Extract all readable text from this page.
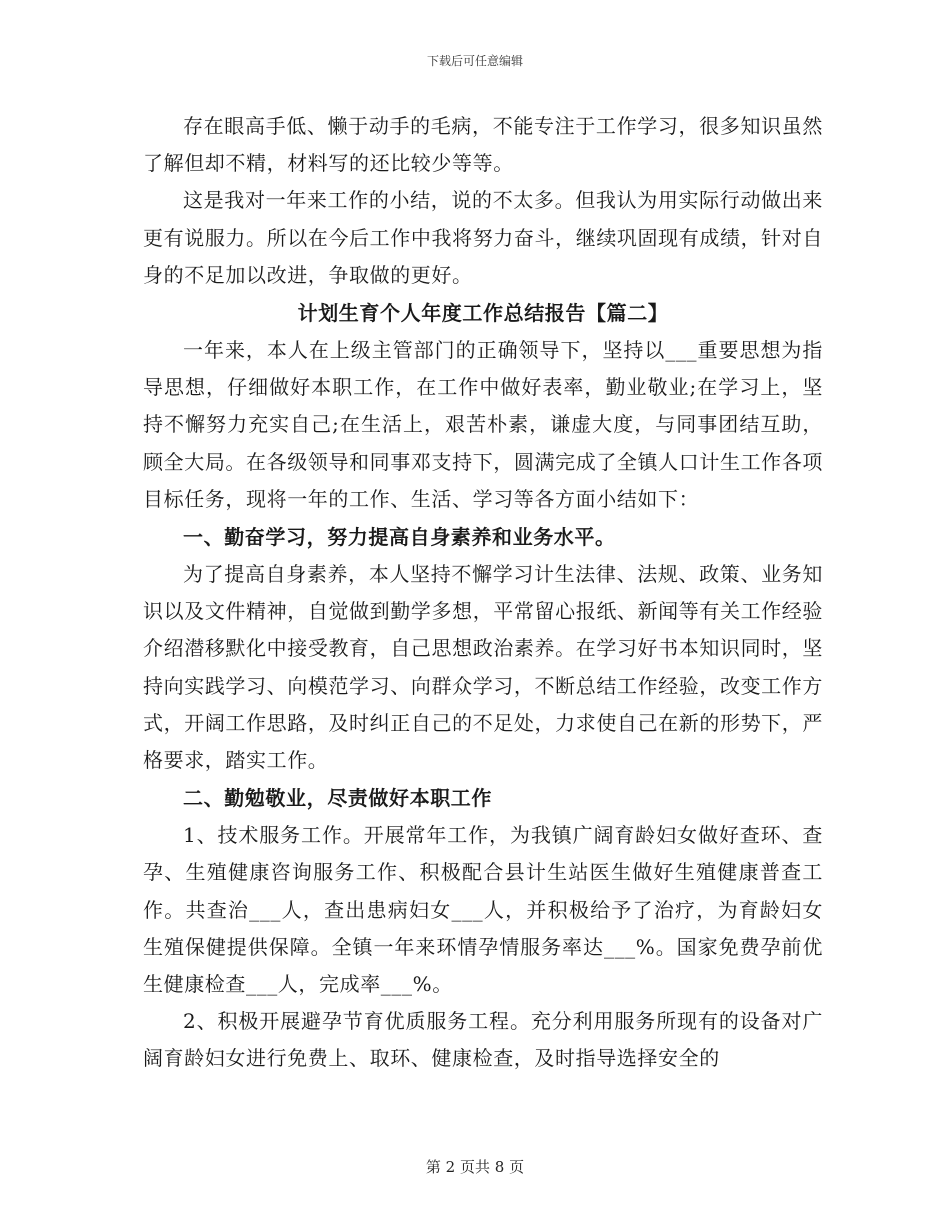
下载后可任意编辑

存在眼高手低、懒于动手的毛病，不能专注于工作学习，很多知识虽然了解但却不精，材料写的还比较少等等。

这是我对一年来工作的小结，说的不太多。但我认为用实际行动做出来更有说服力。所以在今后工作中我将努力奋斗，继续巩固现有成绩，针对自身的不足加以改进，争取做的更好。

计划生育个人年度工作总结报告【篇二】

一年来，本人在上级主管部门的正确领导下，坚持以___重要思想为指导思想，仔细做好本职工作，在工作中做好表率，勤业敬业;在学习上，坚持不懈努力充实自己;在生活上，艰苦朴素，谦虚大度，与同事团结互助，顾全大局。在各级领导和同事邓支持下，圆满完成了全镇人口计生工作各项目标任务，现将一年的工作、生活、学习等各方面小结如下：

一、勤奋学习，努力提高自身素养和业务水平。

为了提高自身素养，本人坚持不懈学习计生法律、法规、政策、业务知识以及文件精神，自觉做到勤学多想，平常留心报纸、新闻等有关工作经验介绍潜移默化中接受教育，自己思想政治素养。在学习好书本知识同时，坚持向实践学习、向模范学习、向群众学习，不断总结工作经验，改变工作方式，开阔工作思路，及时纠正自己的不足处，力求使自己在新的形势下，严格要求，踏实工作。

二、勤勉敬业，尽责做好本职工作

1、技术服务工作。开展常年工作，为我镇广阔育龄妇女做好查环、查孕、生殖健康咨询服务工作、积极配合县计生站医生做好生殖健康普查工作。共查治___人，查出患病妇女___人，并积极给予了治疗，为育龄妇女生殖保健提供保障。全镇一年来环情孕情服务率达___%。国家免费孕前优生健康检查___人，完成率___%。

2、积极开展避孕节育优质服务工程。充分利用服务所现有的设备对广阔育龄妇女进行免费上、取环、健康检查，及时指导选择安全的

第 2 页共 8 页
